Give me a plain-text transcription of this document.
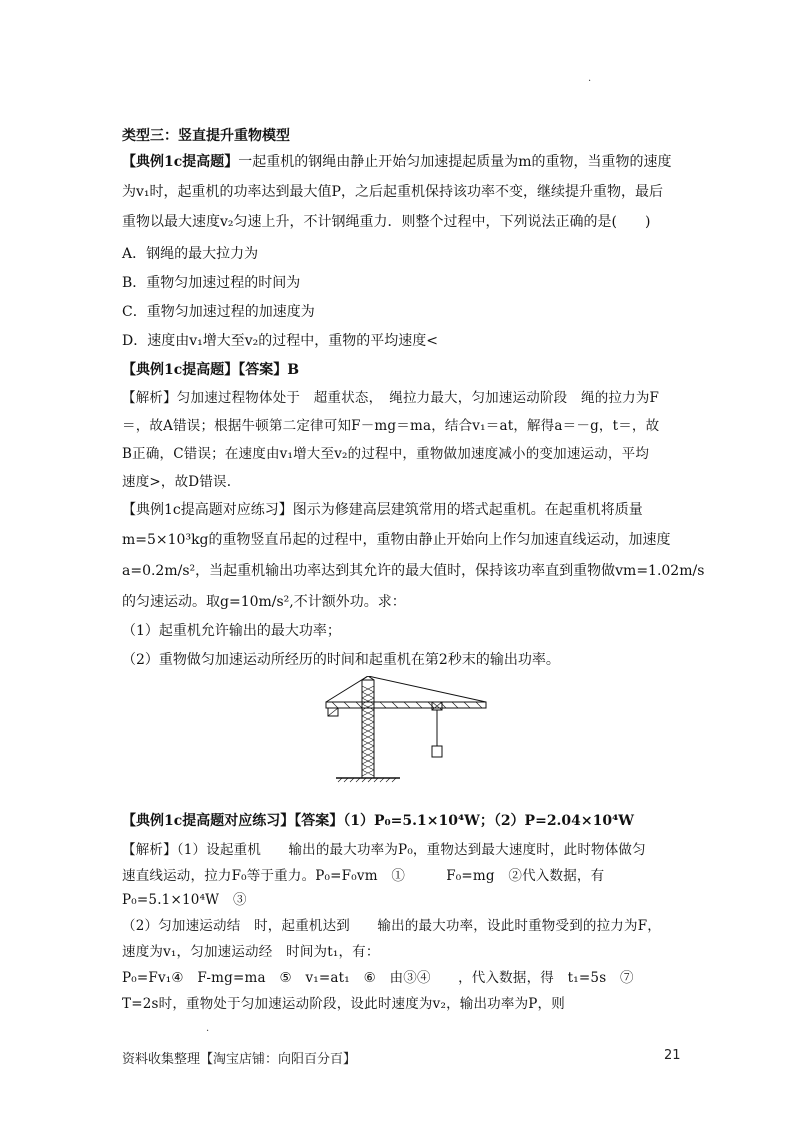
·
类型三：竖直提升重物模型
【典例1c提高题】一起重机的钢绳由静止开始匀加速提起质量为m的重物，当重物的速度
为v₁时，起重机的功率达到最大值P，之后起重机保持该功率不变，继续提升重物，最后
重物以最大速度v₂匀速上升，不计钢绳重力．则整个过程中，下列说法正确的是(　　)
A．钢绳的最大拉力为
B．重物匀加速过程的时间为
C．重物匀加速过程的加速度为
D．速度由v₁增大至v₂的过程中，重物的平均速度<
【典例1c提高题】【答案】B
【解析】匀加速过程物体处于　超重状态，　绳拉力最大，匀加速运动阶段　绳的拉力为F
＝，故A错误；根据牛顿第二定律可知F－mg＝ma，结合v₁＝at，解得a＝－g，t＝，故
B正确，C错误；在速度由v₁增大至v₂的过程中，重物做加速度减小的变加速运动，平均
速度>，故D错误.
【典例1c提高题对应练习】图示为修建高层建筑常用的塔式起重机。在起重机将质量
m=5×10³kg的重物竖直吊起的过程中，重物由静止开始向上作匀加速直线运动，加速度
a=0.2m/s²，当起重机输出功率达到其允许的最大值时，保持该功率直到重物做vm=1.02m/s
的匀速运动。取g=10m/s²,不计额外功。求：
（1）起重机允许输出的最大功率；
（2）重物做匀加速运动所经历的时间和起重机在第2秒末的输出功率。
【典例1c提高题对应练习】【答案】（1）P₀=5.1×10⁴W；（2）P=2.04×10⁴W
【解析】（1）设起重机　　输出的最大功率为P₀，重物达到最大速度时，此时物体做匀
速直线运动，拉力F₀等于重力。P₀=F₀vm　①　　　F₀=mg　②代入数据，有
P₀=5.1×10⁴W　③
（2）匀加速运动结　时，起重机达到　　输出的最大功率，设此时重物受到的拉力为F，
速度为v₁，匀加速运动经　时间为t₁，有：
P₀=Fv₁④　F-mg=ma　⑤　v₁=at₁　⑥　由③④　　，代入数据，得　t₁=5s　⑦
T=2s时，重物处于匀加速运动阶段，设此时速度为v₂，输出功率为P，则
·
资料收集整理【淘宝店铺：向阳百分百】	21
